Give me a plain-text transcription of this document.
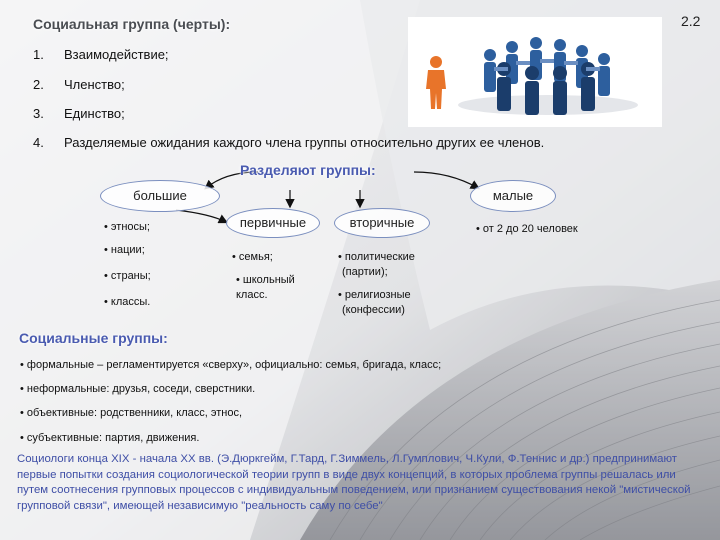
Социальная группа (черты):	2.2
1. Взаимодействие;
2. Членство;
3. Единство;
4. Разделяемые ожидания каждого члена группы относительно других ее членов.
Разделяют группы:
большие
• этносы;
• нации;
• страны;
• классы.
первичные
• семья;
• школьный
класс.
вторичные
• политические
(партии);
• религиозные
(конфессии)
малые
• от 2 до 20 человек
Социальные группы:
• формальные – регламентируется «сверху», официально: семья, бригада, класс;
• неформальные: друзья, соседи, сверстники.
• объективные: родственники, класс, этнос,
• субъективные: партия, движения.
Социологи конца XIX - начала XX вв. (Э.Дюркгейм, Г.Тард, Г.Зиммель, Л.Гумплович, Ч.Кули, Ф.Теннис и др.) предпринимают первые попытки создания социологической теории групп в виде двух концепций, в которых проблема группы решалась или путем соотнесения групповых процессов с индивидуальным поведением, или признанием существования некой "мистической групповой связи", имеющей независимую "реальность саму по себе"
